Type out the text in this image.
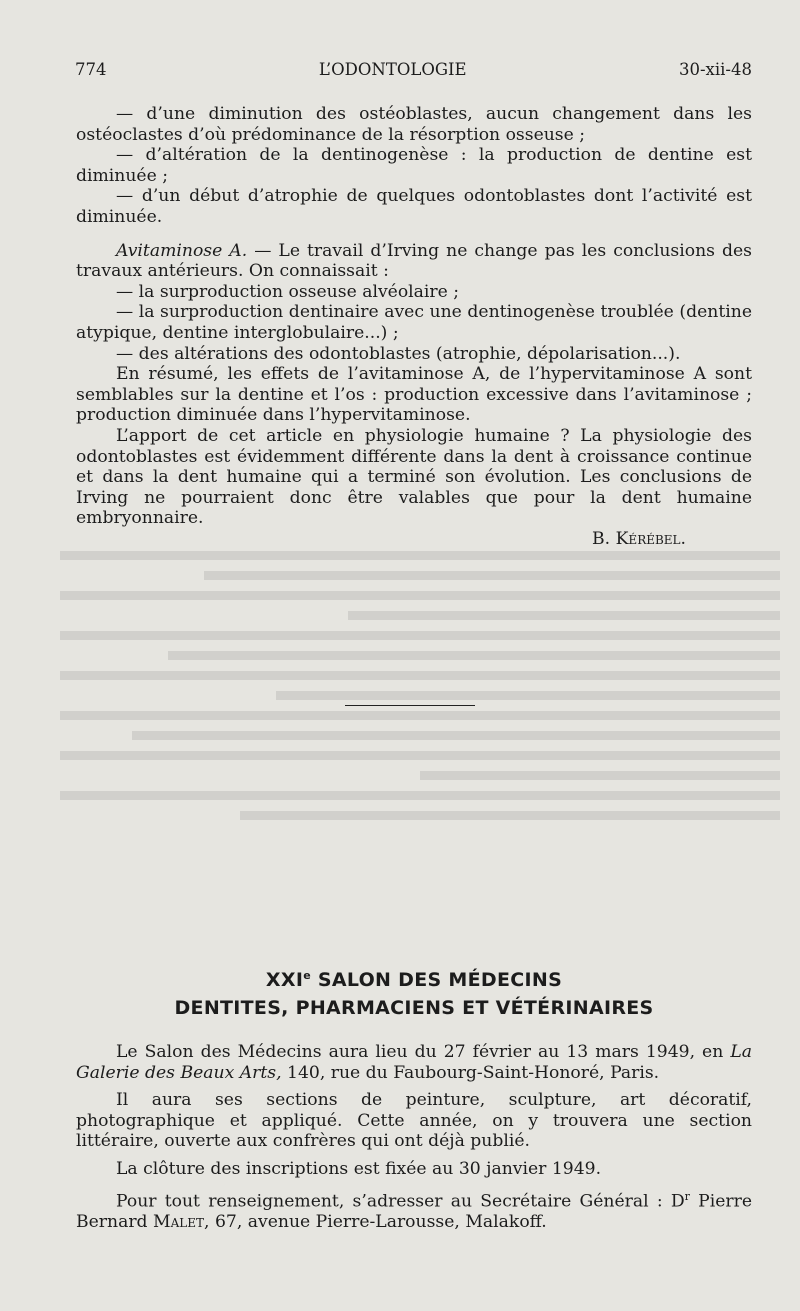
774	L’ODONTOLOGIE	30-xii-48

— d’une diminution des ostéoblastes, aucun changement dans les ostéoclastes d’où prédominance de la résorption osseuse ;

— d’altération de la dentinogenèse : la production de dentine est diminuée ;

— d’un début d’atrophie de quelques odontoblastes dont l’activité est diminuée.

Avitaminose A. — Le travail d’Irving ne change pas les conclusions des travaux antérieurs. On connaissait :

— la surproduction osseuse alvéolaire ;

— la surproduction dentinaire avec une dentinogenèse troublée (dentine atypique, dentine interglobulaire...) ;

— des altérations des odontoblastes (atrophie, dépolarisation...).

En résumé, les effets de l’avitaminose A, de l’hypervitaminose A sont semblables sur la dentine et l’os : production excessive dans l’avitaminose ; production diminuée dans l’hypervitaminose.

L’apport de cet article en physiologie humaine ? La physiologie des odontoblastes est évidemment différente dans la dent à croissance continue et dans la dent humaine qui a terminé son évolution. Les conclusions de Irving ne pourraient donc être valables que pour la dent humaine embryonnaire.

B. Kérébel.
XXIe SALON DES MÉDECINS
DENTITES, PHARMACIENS ET VÉTÉRINAIRES

Le Salon des Médecins aura lieu du 27 février au 13 mars 1949, en La Galerie des Beaux Arts, 140, rue du Faubourg-Saint-Honoré, Paris.

Il aura ses sections de peinture, sculpture, art décoratif, photographique et appliqué. Cette année, on y trouvera une section littéraire, ouverte aux confrères qui ont déjà publié.

La clôture des inscriptions est fixée au 30 janvier 1949.

Pour tout renseignement, s’adresser au Secrétaire Général : $D^r$ Pierre Bernard Malet, 67, avenue Pierre-Larousse, Malakoff.
